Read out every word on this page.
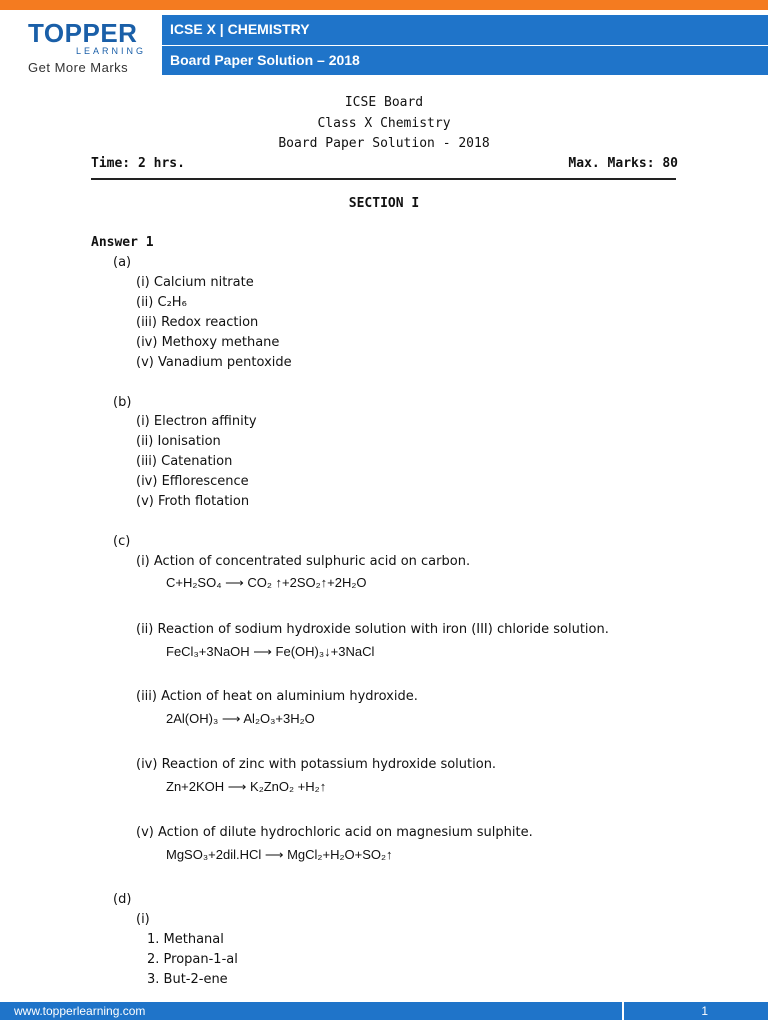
TOPPER
LEARNING
Get More Marks
ICSE X | CHEMISTRY
Board Paper Solution – 2018
ICSE Board
Class X Chemistry
Board Paper Solution - 2018
Time: 2 hrs.	Max. Marks: 80
SECTION I
Answer 1
(a)
(i) Calcium nitrate
(ii) C₂H₆
(iii) Redox reaction
(iv) Methoxy methane
(v) Vanadium pentoxide
(b)
(i) Electron affinity
(ii) Ionisation
(iii) Catenation
(iv) Efflorescence
(v) Froth flotation
(c)
(i) Action of concentrated sulphuric acid on carbon.
C+H₂SO₄ ⟶ CO₂ ↑+2SO₂↑+2H₂O
(ii) Reaction of sodium hydroxide solution with iron (III) chloride solution.
FeCl₃+3NaOH ⟶ Fe(OH)₃↓+3NaCl
(iii) Action of heat on aluminium hydroxide.
2Al(OH)₃ ⟶ Al₂O₃+3H₂O
(iv) Reaction of zinc with potassium hydroxide solution.
Zn+2KOH ⟶ K₂ZnO₂ +H₂↑
(v) Action of dilute hydrochloric acid on magnesium sulphite.
MgSO₃+2dil.HCl ⟶ MgCl₂+H₂O+SO₂↑
(d)
(i)
1. Methanal
2. Propan-1-al
3. But-2-ene
www.topperlearning.com	1
